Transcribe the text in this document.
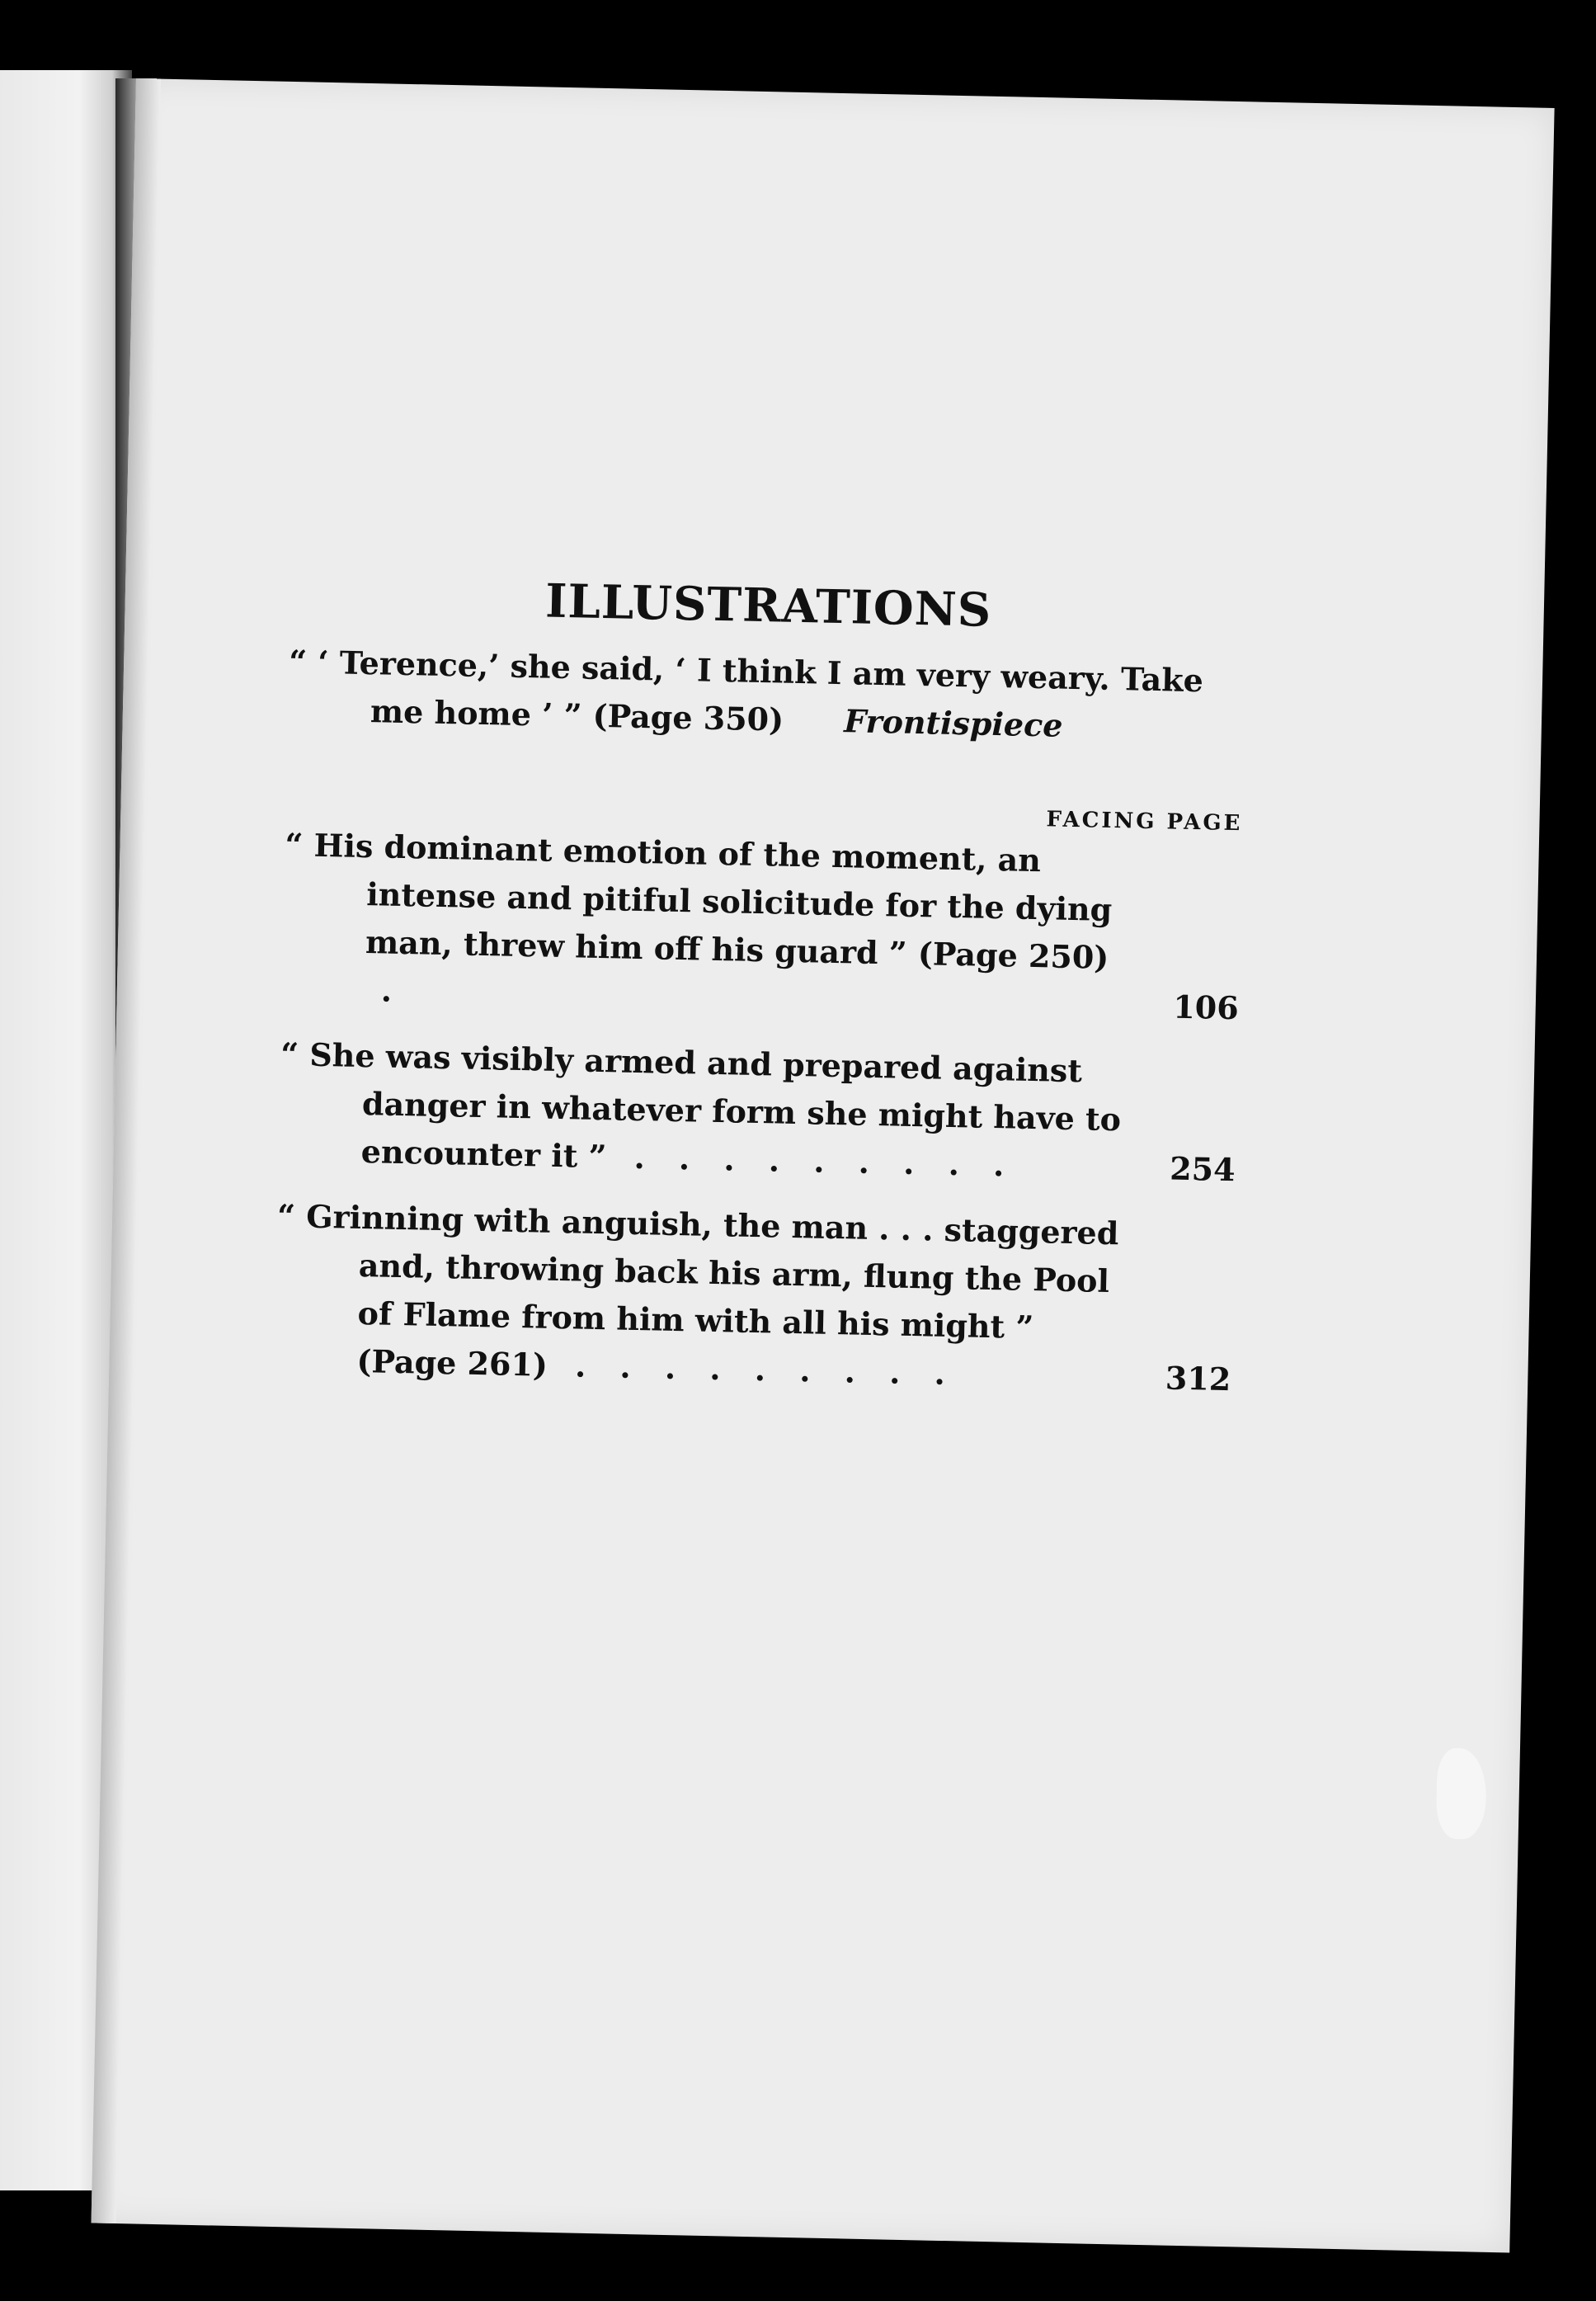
ILLUSTRATIONS
“ ‘ Terence,’ she said, ‘ I think I am very weary. Take me home ’ ” (Page 350) Frontispiece
FACING PAGE
“ His dominant emotion of the moment, an intense and pitiful solicitude for the dying man, threw him off his guard ” (Page 250) .	106
“ She was visibly armed and prepared against danger in whatever form she might have to encounter it ” . . . . . . . . .	254
“ Grinning with anguish, the man . . . staggered and, throwing back his arm, flung the Pool of Flame from him with all his might ” (Page 261) . . . . . . . . .	312
